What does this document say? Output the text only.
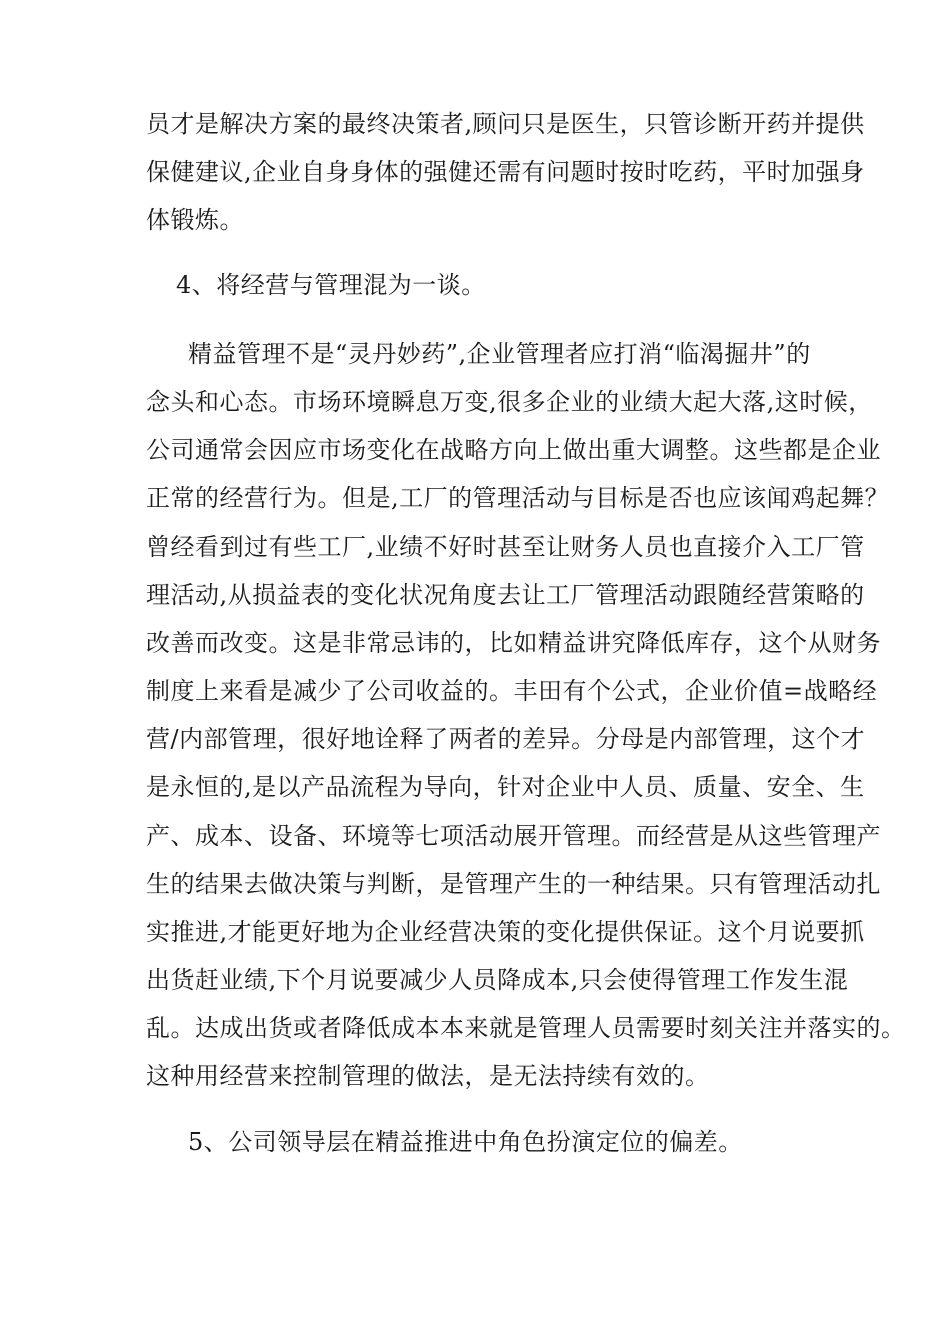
员才是解决方案的最终决策者,顾问只是医生，只管诊断开药并提供
保健建议,企业自身身体的强健还需有问题时按时吃药，平时加强身
体锻炼。
4、将经营与管理混为一谈。
精益管理不是“灵丹妙药”,企业管理者应打消“临渴掘井”的
念头和心态。市场环境瞬息万变,很多企业的业绩大起大落,这时候，
公司通常会因应市场变化在战略方向上做出重大调整。这些都是企业
正常的经营行为。但是,工厂的管理活动与目标是否也应该闻鸡起舞？
曾经看到过有些工厂,业绩不好时甚至让财务人员也直接介入工厂管
理活动,从损益表的变化状况角度去让工厂管理活动跟随经营策略的
改善而改变。这是非常忌讳的，比如精益讲究降低库存，这个从财务
制度上来看是减少了公司收益的。丰田有个公式，企业价值=战略经
营/内部管理，很好地诠释了两者的差异。分母是内部管理，这个才
是永恒的,是以产品流程为导向，针对企业中人员、质量、安全、生
产、成本、设备、环境等七项活动展开管理。而经营是从这些管理产
生的结果去做决策与判断，是管理产生的一种结果。只有管理活动扎
实推进,才能更好地为企业经营决策的变化提供保证。这个月说要抓
出货赶业绩,下个月说要减少人员降成本,只会使得管理工作发生混
乱。达成出货或者降低成本本来就是管理人员需要时刻关注并落实的。
这种用经营来控制管理的做法，是无法持续有效的。
5、公司领导层在精益推进中角色扮演定位的偏差。
